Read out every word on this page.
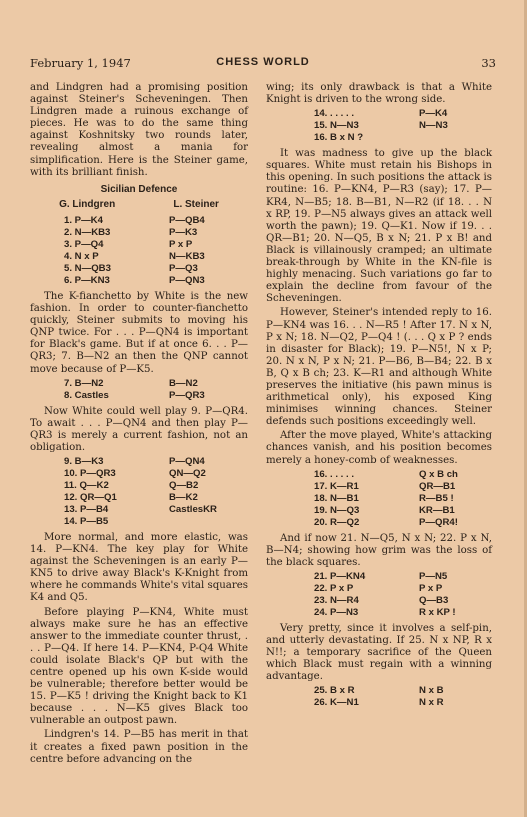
February 1, 1947	CHESS WORLD	33

and Lindgren had a promising position against Steiner's Scheveningen. Then Lindgren made a ruinous exchange of pieces. He was to do the same thing against Koshnitsky two rounds later, revealing almost a mania for simplification. Here is the Steiner game, with its brilliant finish.

Sicilian Defence
G. Lindgren	L. Steiner
1. P—K4	P—QB4
2. N—KB3	P—K3
3. P—Q4	P x P
4. N x P	N—KB3
5. N—QB3	P—Q3
6. P—KN3	P—QN3

The K-fianchetto by White is the new fashion. In order to counter-fianchetto quickly, Steiner submits to moving his QNP twice. For . . . P—QN4 is important for Black's game. But if at once 6. . . P—QR3; 7. B—N2 an then the QNP cannot move because of P—K5.

7. B—N2	B—N2
8. Castles	P—QR3

Now White could well play 9. P—QR4. To await . . . P—QN4 and then play P—QR3 is merely a current fashion, not an obligation.

9. B—K3	P—QN4
10. P—QR3	QN—Q2
11. Q—K2	Q—B2
12. QR—Q1	B—K2
13. P—B4	CastlesKR
14. P—B5

More normal, and more elastic, was 14. P—KN4. The key play for White against the Scheveningen is an early P—KN5 to drive away Black's K-Knight from where he commands White's vital squares K4 and Q5.

Before playing P—KN4, White must always make sure he has an effective answer to the immediate counter thrust, . . . P—Q4. If here 14. P—KN4, P-Q4 White could isolate Black's QP but with the centre opened up his own K-side would be vulnerable; therefore better would be 15. P—K5 ! driving the Knight back to K1 because . . . N—K5 gives Black too vulnerable an outpost pawn.

Lindgren's 14. P—B5 has merit in that it creates a fixed pawn position in the centre before advancing on the

wing; its only drawback is that a White Knight is driven to the wrong side.

14. . . . . .	P—K4
15. N—N3	N—N3
16. B x N ?

It was madness to give up the black squares. White must retain his Bishops in this opening. In such positions the attack is routine: 16. P—KN4, P—R3 (say); 17. P—KR4, N—B5; 18. B—B1, N—R2 (if 18. . . N x RP, 19. P—N5 always gives an attack well worth the pawn); 19. Q—K1. Now if 19. . . QR—B1; 20. N—Q5, B x N; 21. P x B! and Black is villainously cramped; an ultimate break-through by White in the KN-file is highly menacing. Such variations go far to explain the decline from favour of the Scheveningen.

However, Steiner's intended reply to 16. P—KN4 was 16. . . N—R5 ! After 17. N x N, P x N; 18. N—Q2, P—Q4 ! (. . . Q x P ? ends in disaster for Black); 19. P—N5!, N x P; 20. N x N, P x N; 21. P—B6, B—B4; 22. B x B, Q x B ch; 23. K—R1 and although White preserves the initiative (his pawn minus is arithmetical only), his exposed King minimises winning chances. Steiner defends such positions exceedingly well.

After the move played, White's attacking chances vanish, and his position becomes merely a honey-comb of weaknesses.

16. . . . . .	Q x B ch
17. K—R1	QR—B1
18. N—B1	R—B5 !
19. N—Q3	KR—B1
20. R—Q2	P—QR4!

And if now 21. N—Q5, N x N; 22. P x N, B—N4; showing how grim was the loss of the black squares.

21. P—KN4	P—N5
22. P x P	P x P
23. N—R4	Q—B3
24. P—N3	R x KP !

Very pretty, since it involves a self-pin, and utterly devastating. If 25. N x NP, R x N!!; a temporary sacrifice of the Queen which Black must regain with a winning advantage.

25. B x R	N x B
26. K—N1	N x R
